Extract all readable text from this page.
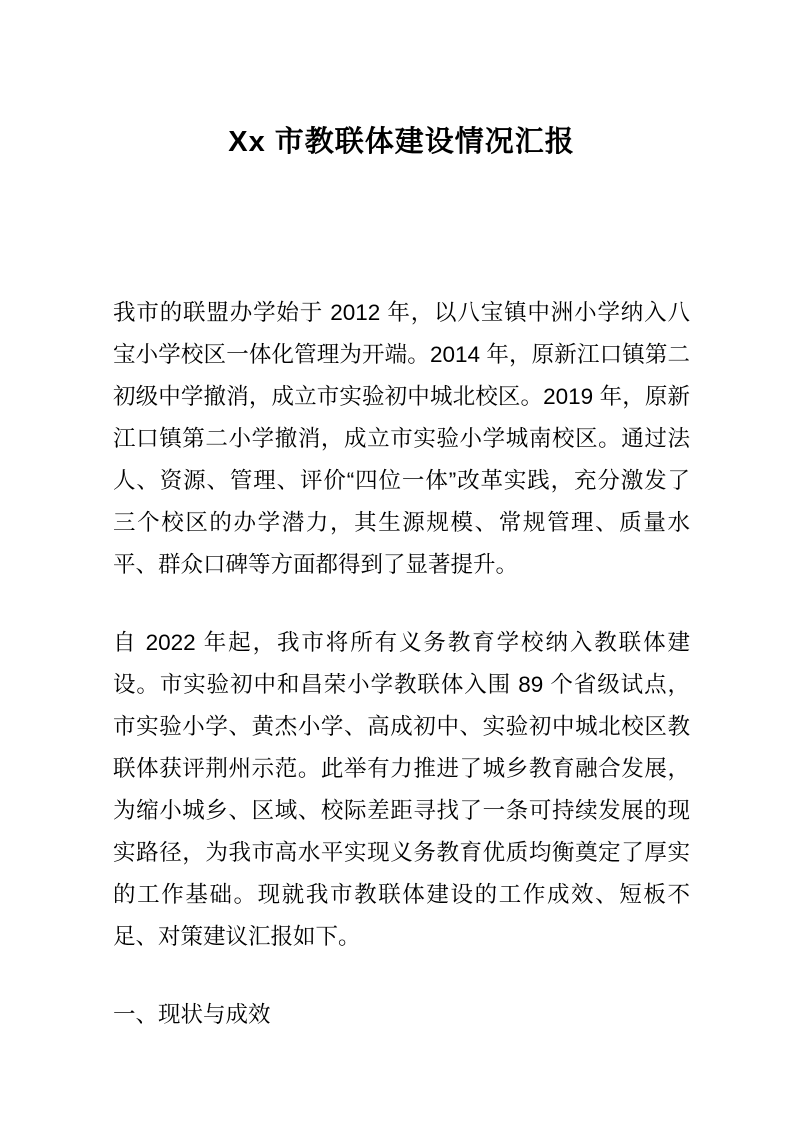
Xx 市教联体建设情况汇报

我市的联盟办学始于 2012 年，以八宝镇中洲小学纳入八宝小学校区一体化管理为开端。2014 年，原新江口镇第二初级中学撤消，成立市实验初中城北校区。2019 年，原新江口镇第二小学撤消，成立市实验小学城南校区。通过法人、资源、管理、评价“四位一体”改革实践，充分激发了三个校区的办学潜力，其生源规模、常规管理、质量水平、群众口碑等方面都得到了显著提升。

自 2022 年起，我市将所有义务教育学校纳入教联体建设。市实验初中和昌荣小学教联体入围 89 个省级试点，市实验小学、黄杰小学、高成初中、实验初中城北校区教联体获评荆州示范。此举有力推进了城乡教育融合发展，为缩小城乡、区域、校际差距寻找了一条可持续发展的现实路径，为我市高水平实现义务教育优质均衡奠定了厚实的工作基础。现就我市教联体建设的工作成效、短板不足、对策建议汇报如下。

一、现状与成效
